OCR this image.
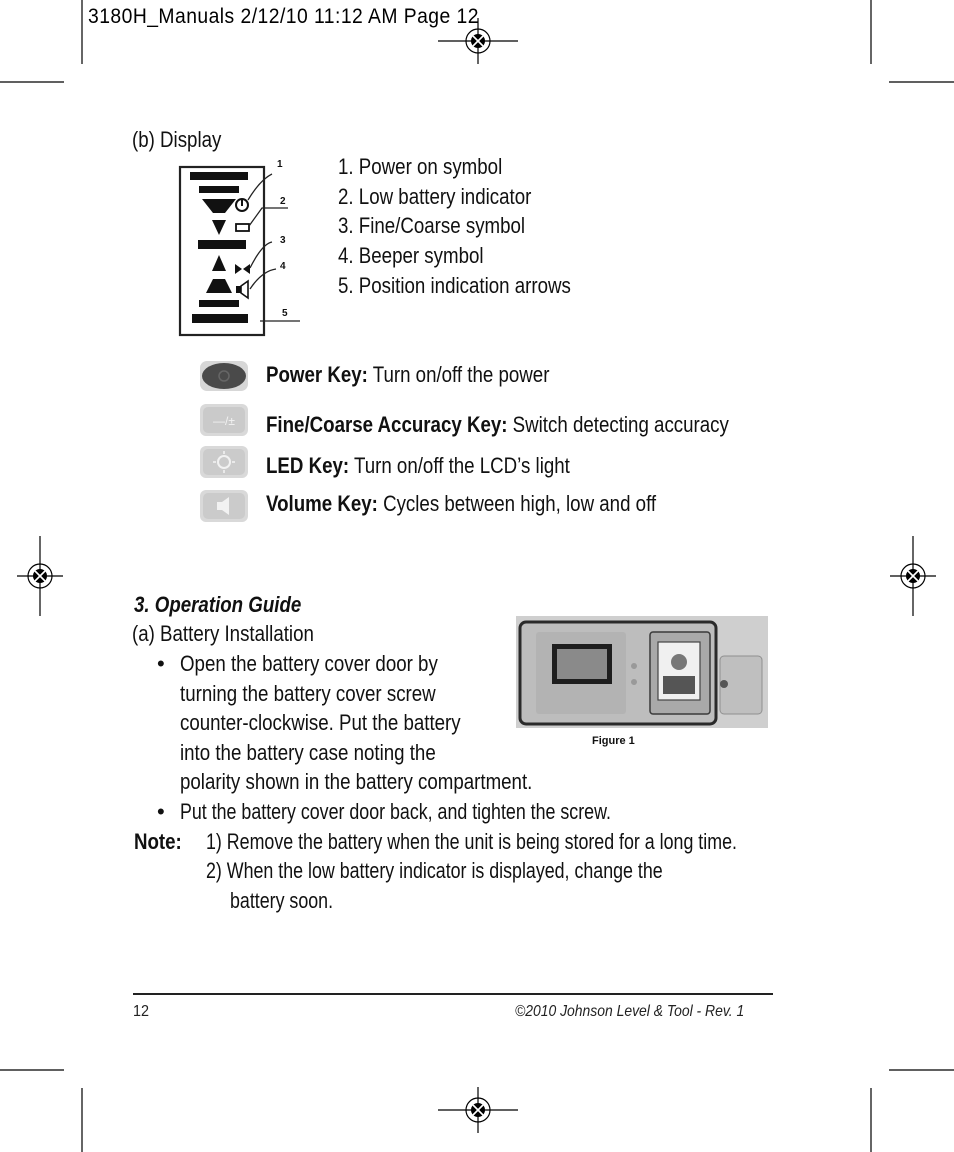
3180H_Manuals 2/12/10 11:12 AM Page 12
(b) Display
1
2
3
4
5
1. Power on symbol
2. Low battery indicator
3. Fine/Coarse symbol
4. Beeper symbol
5. Position indication arrows
—/±
Power Key: Turn on/off the power
Fine/Coarse Accuracy Key: Switch detecting accuracy
LED Key: Turn on/off the LCD’s light
Volume Key: Cycles between high, low and off
3. Operation Guide
(a) Battery Installation
• Open the battery cover door by
turning the battery cover screw
counter-clockwise. Put the battery
into the battery case noting the
polarity shown in the battery compartment.
• Put the battery cover door back, and tighten the screw.
Note:	1) Remove the battery when the unit is being stored for a long time.
2) When the low battery indicator is displayed, change the
battery soon.
Figure 1
12	©2010 Johnson Level & Tool - Rev. 1
